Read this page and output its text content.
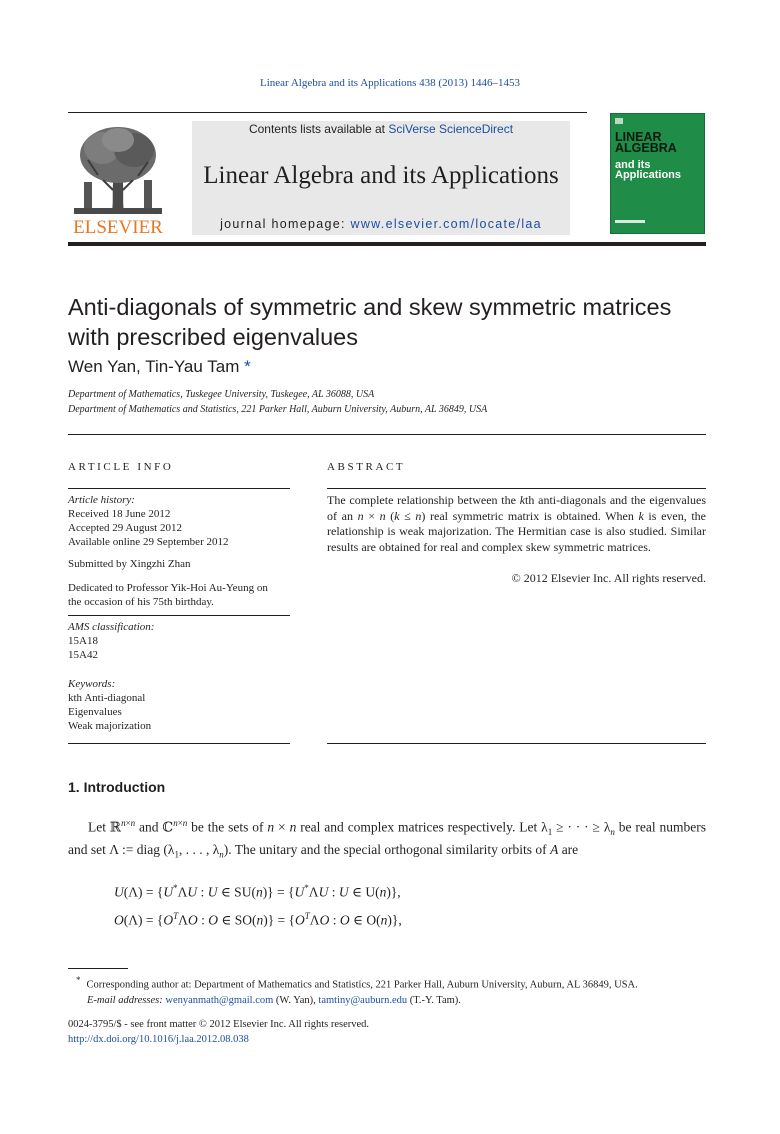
Linear Algebra and its Applications 438 (2013) 1446–1453
ELSEVIER
Contents lists available at SciVerse ScienceDirect
Linear Algebra and its Applications
journal homepage: www.elsevier.com/locate/laa
LINEAR
ALGEBRA
and its
Applications
Anti-diagonals of symmetric and skew symmetric matrices
with prescribed eigenvalues
Wen Yan, Tin-Yau Tam *
Department of Mathematics, Tuskegee University, Tuskegee, AL 36088, USA
Department of Mathematics and Statistics, 221 Parker Hall, Auburn University, Auburn, AL 36849, USA
ARTICLE INFO	ABSTRACT
Article history:
Received 18 June 2012
Accepted 29 August 2012
Available online 29 September 2012
Submitted by Xingzhi Zhan
Dedicated to Professor Yik-Hoi Au-Yeung on
the occasion of his 75th birthday.
AMS classification:
15A18
15A42
Keywords:
kth Anti-diagonal
Eigenvalues
Weak majorization
The complete relationship between the kth anti-diagonals and the eigenvalues of an n × n (k ≤ n) real symmetric matrix is obtained. When k is even, the relationship is weak majorization. The Hermitian case is also studied. Similar results are obtained for real and complex skew symmetric matrices.
© 2012 Elsevier Inc. All rights reserved.
1. Introduction
Let ℝ$^{n\times n}$ and ℂ$^{n\times n}$ be the sets of n × n real and complex matrices respectively. Let $\lambda_1$ ≥ · · · ≥ $\lambda_n$ be real numbers and set Λ := diag ($\lambda_1$, . . . , $\lambda_n$). The unitary and the special orthogonal similarity orbits of A are
U(Λ) = {U*ΛU : U ∈ SU(n)} = {U*ΛU : U ∈ U(n)},
$O(\Lambda) = \{O^T\Lambda O$ : O ∈ $SO(n)\} = \{O^T\Lambda O$ : O ∈ O(n)},
* Corresponding author at: Department of Mathematics and Statistics, 221 Parker Hall, Auburn University, Auburn, AL 36849, USA.
E-mail addresses: wenyanmath@gmail.com (W. Yan), tamtiny@auburn.edu (T.-Y. Tam).
0024-3795/$ - see front matter © 2012 Elsevier Inc. All rights reserved.
http://dx.doi.org/10.1016/j.laa.2012.08.038
